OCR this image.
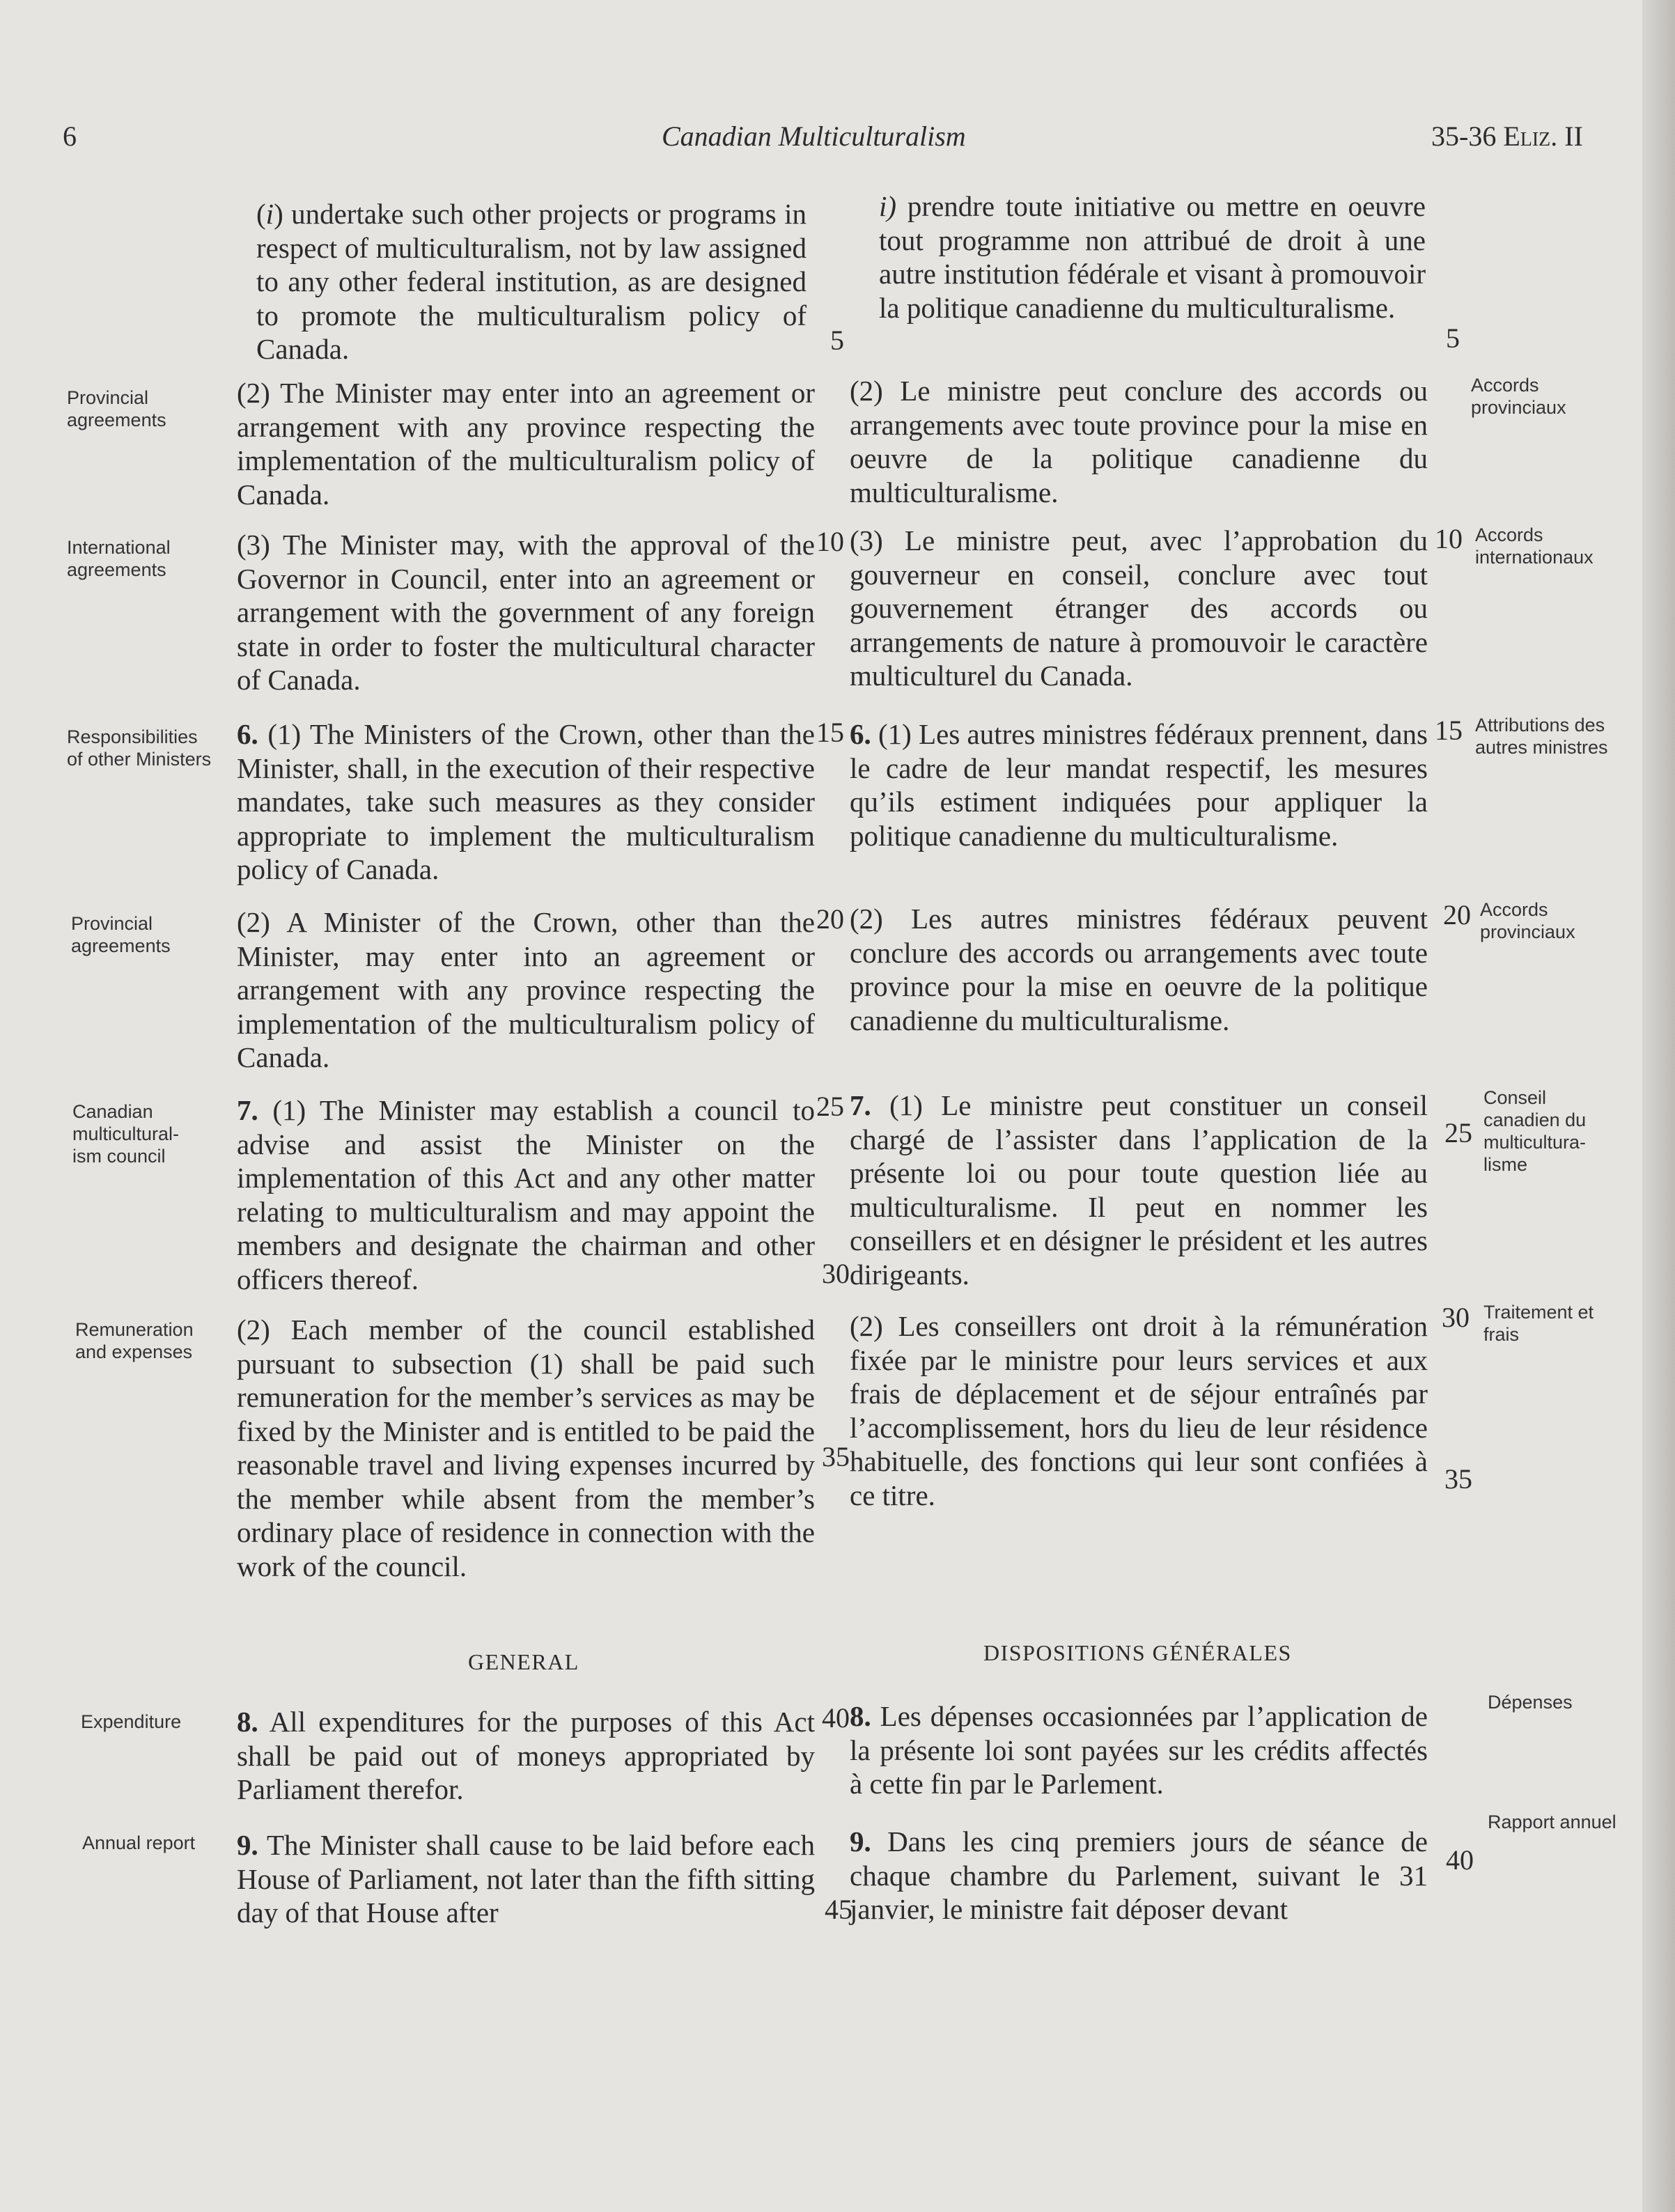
6	Canadian Multiculturalism	35-36 Eliz. II
(i) undertake such other projects or programs in respect of multiculturalism, not by law assigned to any other federal institution, as are designed to promote the multiculturalism policy of Canada.
(2) The Minister may enter into an agreement or arrangement with any province respecting the implementation of the multiculturalism policy of Canada.
(3) The Minister may, with the approval of the Governor in Council, enter into an agreement or arrangement with the government of any foreign state in order to foster the multicultural character of Canada.
6. (1) The Ministers of the Crown, other than the Minister, shall, in the execution of their respective mandates, take such measures as they consider appropriate to implement the multiculturalism policy of Canada.
(2) A Minister of the Crown, other than the Minister, may enter into an agreement or arrangement with any province respecting the implementation of the multiculturalism policy of Canada.
7. (1) The Minister may establish a council to advise and assist the Minister on the implementation of this Act and any other matter relating to multiculturalism and may appoint the members and designate the chairman and other officers thereof.
(2) Each member of the council established pursuant to subsection (1) shall be paid such remuneration for the member’s services as may be fixed by the Minister and is entitled to be paid the reasonable travel and living expenses incurred by the member while absent from the member’s ordinary place of residence in connection with the work of the council.
GENERAL
8. All expenditures for the purposes of this Act shall be paid out of moneys appropriated by Parliament therefor.
9. The Minister shall cause to be laid before each House of Parliament, not later than the fifth sitting day of that House after
i) prendre toute initiative ou mettre en oeuvre tout programme non attribué de droit à une autre institution fédérale et visant à promouvoir la politique canadienne du multiculturalisme.
(2) Le ministre peut conclure des accords ou arrangements avec toute province pour la mise en oeuvre de la politique canadienne du multiculturalisme.
(3) Le ministre peut, avec l’approbation du gouverneur en conseil, conclure avec tout gouvernement étranger des accords ou arrangements de nature à promouvoir le caractère multiculturel du Canada.
6. (1) Les autres ministres fédéraux prennent, dans le cadre de leur mandat respectif, les mesures qu’ils estiment indiquées pour appliquer la politique canadienne du multiculturalisme.
(2) Les autres ministres fédéraux peuvent conclure des accords ou arrangements avec toute province pour la mise en oeuvre de la politique canadienne du multiculturalisme.
7. (1) Le ministre peut constituer un conseil chargé de l’assister dans l’application de la présente loi ou pour toute question liée au multiculturalisme. Il peut en nommer les conseillers et en désigner le président et les autres dirigeants.
(2) Les conseillers ont droit à la rémunération fixée par le ministre pour leurs services et aux frais de déplacement et de séjour entraînés par l’accomplissement, hors du lieu de leur résidence habituelle, des fonctions qui leur sont confiées à ce titre.
DISPOSITIONS GÉNÉRALES
8. Les dépenses occasionnées par l’application de la présente loi sont payées sur les crédits affectés à cette fin par le Parlement.
9. Dans les cinq premiers jours de séance de chaque chambre du Parlement, suivant le 31 janvier, le ministre fait déposer devant
Provincial agreements
International agreements
Responsibilities of other Ministers
Provincial agreements
Canadian multicultural-ism council
Remuneration and expenses
Expenditure
Annual report
Accords provinciaux
Accords internationaux
Attributions des autres ministres
Accords provinciaux
Conseil canadien du multicultura-lisme
Traitement et frais
Dépenses
Rapport annuel
5
10
15
20
25
30
35
40
45
5
10
15
20
25
30
35
40
